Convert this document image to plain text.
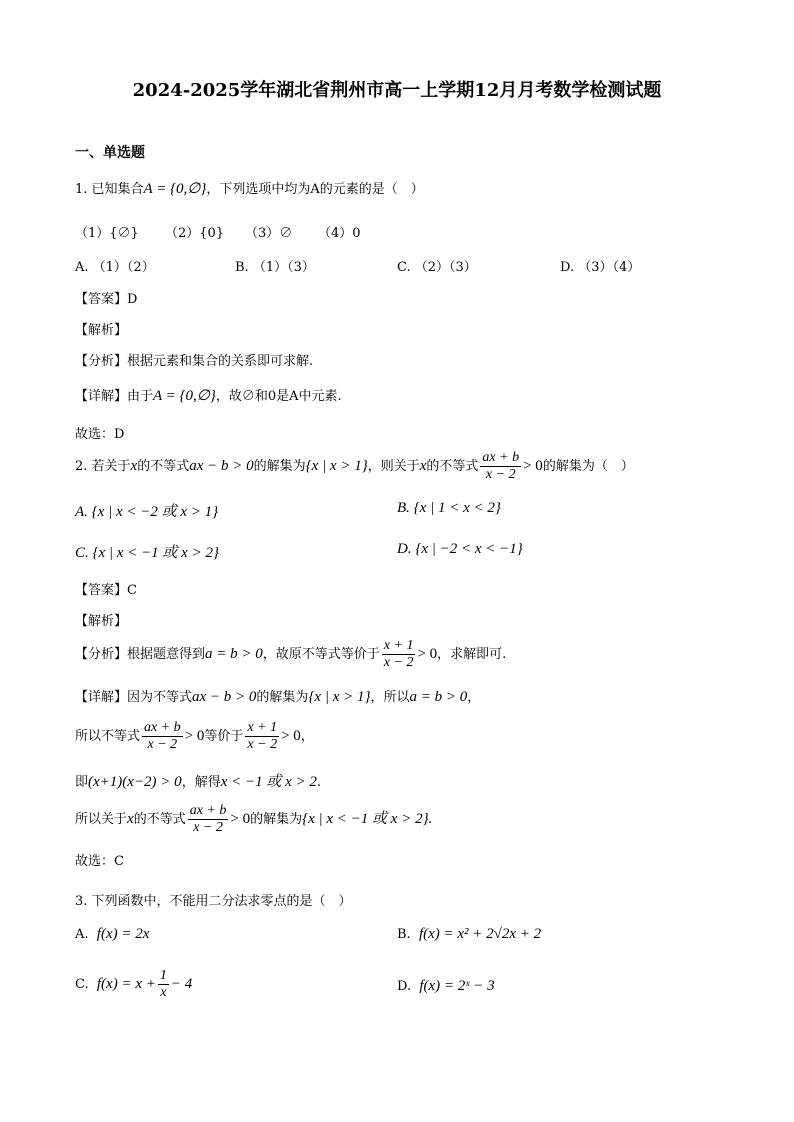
2024-2025学年湖北省荆州市高一上学期12月月考数学检测试题
一、单选题
1. 已知集合A = {0,∅}，下列选项中均为A的元素的是（　）
（1）{∅} （2）{0} （3）∅ （4）0
A. （1）（2）	B. （1）（3）	C. （2）（3）	D. （3）（4）
【答案】D
【解析】
【分析】根据元素和集合的关系即可求解.
【详解】由于A = {0,∅}，故∅和0是A中元素.
故选：D
2. 若关于x的不等式ax − b > 0的解集为{x | x > 1}，则关于x的不等式 $\frac{ax + b}{x - 2} > 0$的解集为（　）
A. {x | x < −2 或 x > 1}	B. {x | 1 < x < 2}
C. {x | x < −1 或 x > 2}	D. {x | −2 < x < −1}
【答案】C
【解析】
【分析】根据题意得到a = b > 0，故原不等式等价于 $\frac{x + 1}{x - 2} > 0$，求解即可.
【详解】因为不等式ax − b > 0的解集为{x | x > 1}，所以a = b > 0，
所以不等式 $\frac{ax + b}{x - 2} > 0$等价于 $\frac{x + 1}{x - 2} > 0$，
即(x+1)(x−2) > 0，解得x < −1 或 x > 2.
所以关于x的不等式 $\frac{ax + b}{x - 2} > 0$的解集为{x | x < −1 或 x > 2}.
故选：C
3. 下列函数中，不能用二分法求零点的是（　）
A. f(x) = 2x	B. f(x) = x² + 2√2x + 2
C. $f(x) = x + \frac{1}{x} - 4$	D. f(x) = 2ˣ − 3
